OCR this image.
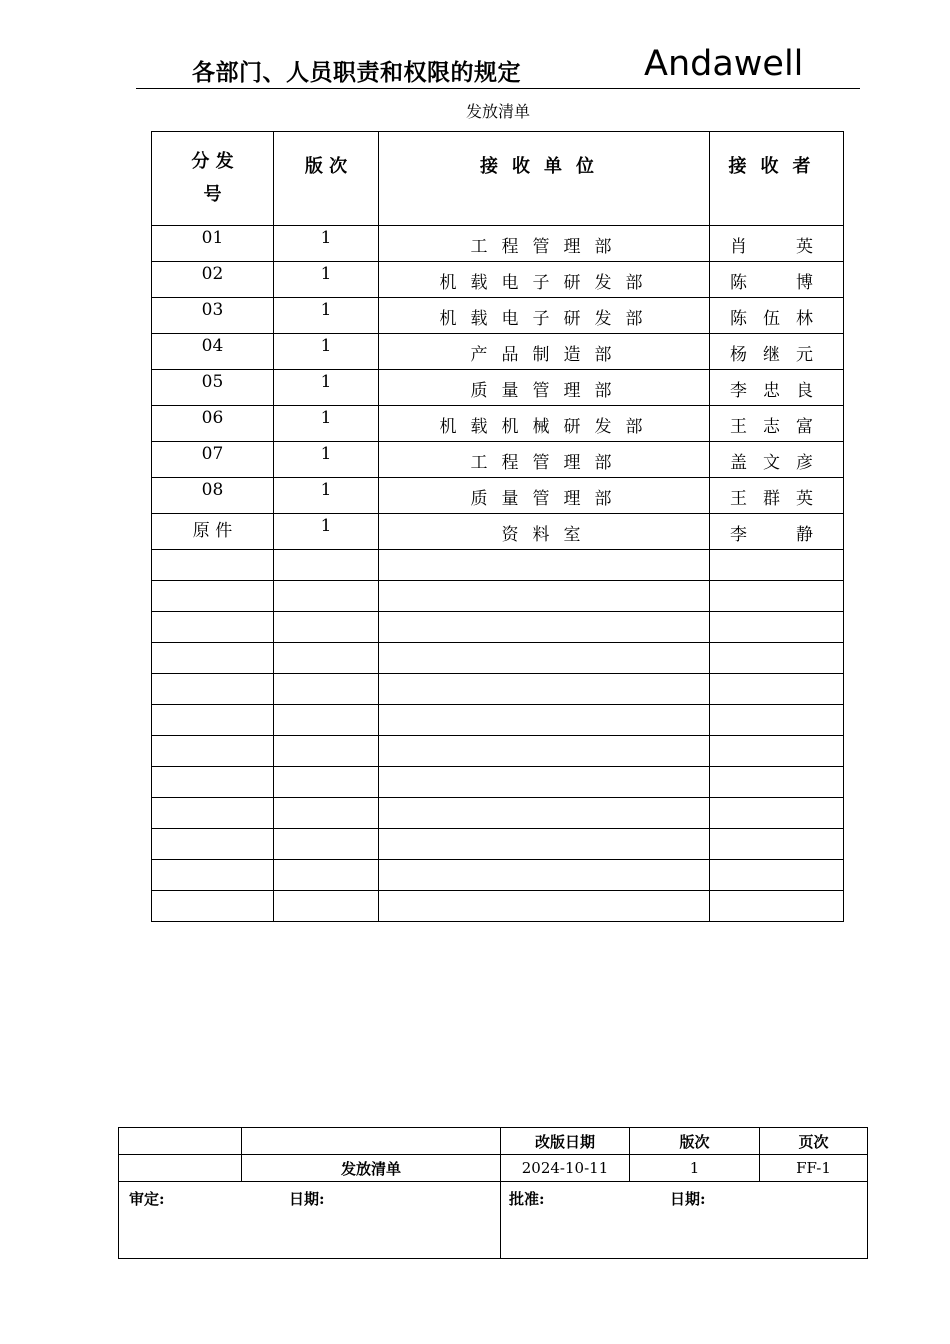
各部门、人员职责和权限的规定	Andawell
发放清单
分 发
号	版 次	接收单位	接收者

01	1	工程管理部	肖英

02	1	机载电子研发部	陈博

03	1	机载电子研发部	陈伍林

04	1	产品制造部	杨继元

05	1	质量管理部	李忠良

06	1	机载机械研发部	王志富

07	1	工程管理部	盖文彦

08	1	质量管理部	王群英

原 件	1	资料室	李静

		改版日期	版次	页次
	发放清单	2024-10-11	1	FF-1

审定: 日期:		批准: 日期:		
